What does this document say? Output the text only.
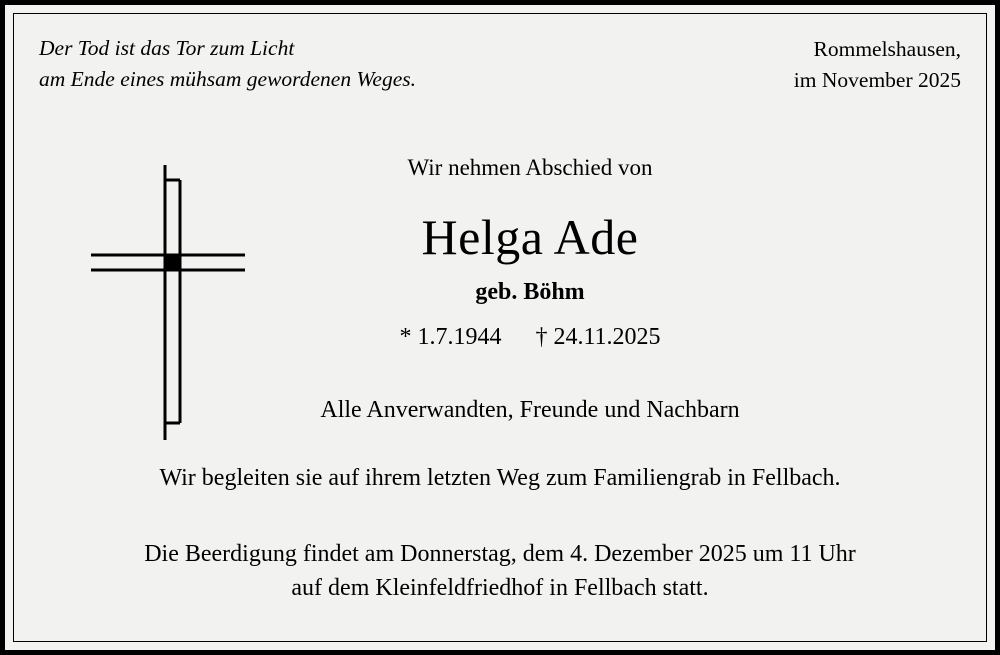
Der Tod ist das Tor zum Licht
am Ende eines mühsam gewordenen Weges.
Rommelshausen,
im November 2025
Wir nehmen Abschied von
Helga Ade
geb. Böhm
* 1.7.1944 † 24.11.2025
Alle Anverwandten, Freunde und Nachbarn
Wir begleiten sie auf ihrem letzten Weg zum Familiengrab in Fellbach.
Die Beerdigung findet am Donnerstag, dem 4. Dezember 2025 um 11 Uhr
auf dem Kleinfeldfriedhof in Fellbach statt.
